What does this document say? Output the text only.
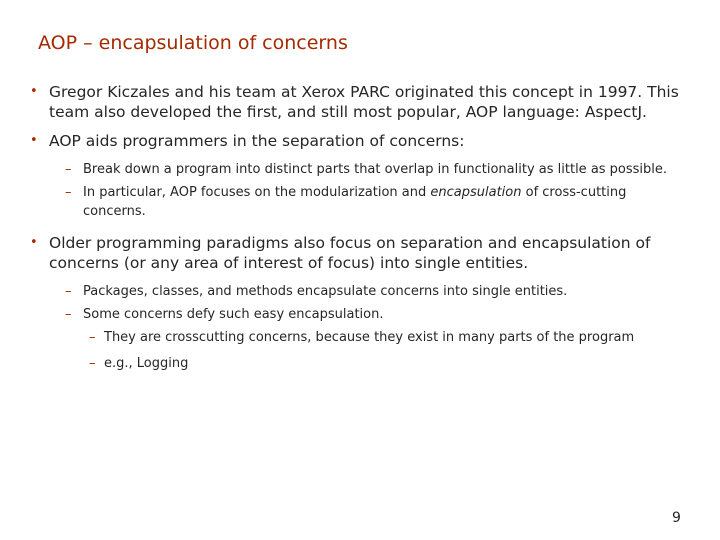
AOP – encapsulation of concerns
• Gregor Kiczales and his team at Xerox PARC originated this concept in 1997. This team also developed the first, and still most popular, AOP language: AspectJ.
• AOP aids programmers in the separation of concerns:
– Break down a program into distinct parts that overlap in functionality as little as possible.
– In particular, AOP focuses on the modularization and encapsulation of cross-cutting concerns.
• Older programming paradigms also focus on separation and encapsulation of concerns (or any area of interest of focus) into single entities.
– Packages, classes, and methods encapsulate concerns into single entities.
– Some concerns defy such easy encapsulation.
– They are crosscutting concerns, because they exist in many parts of the program
– e.g., Logging
9
